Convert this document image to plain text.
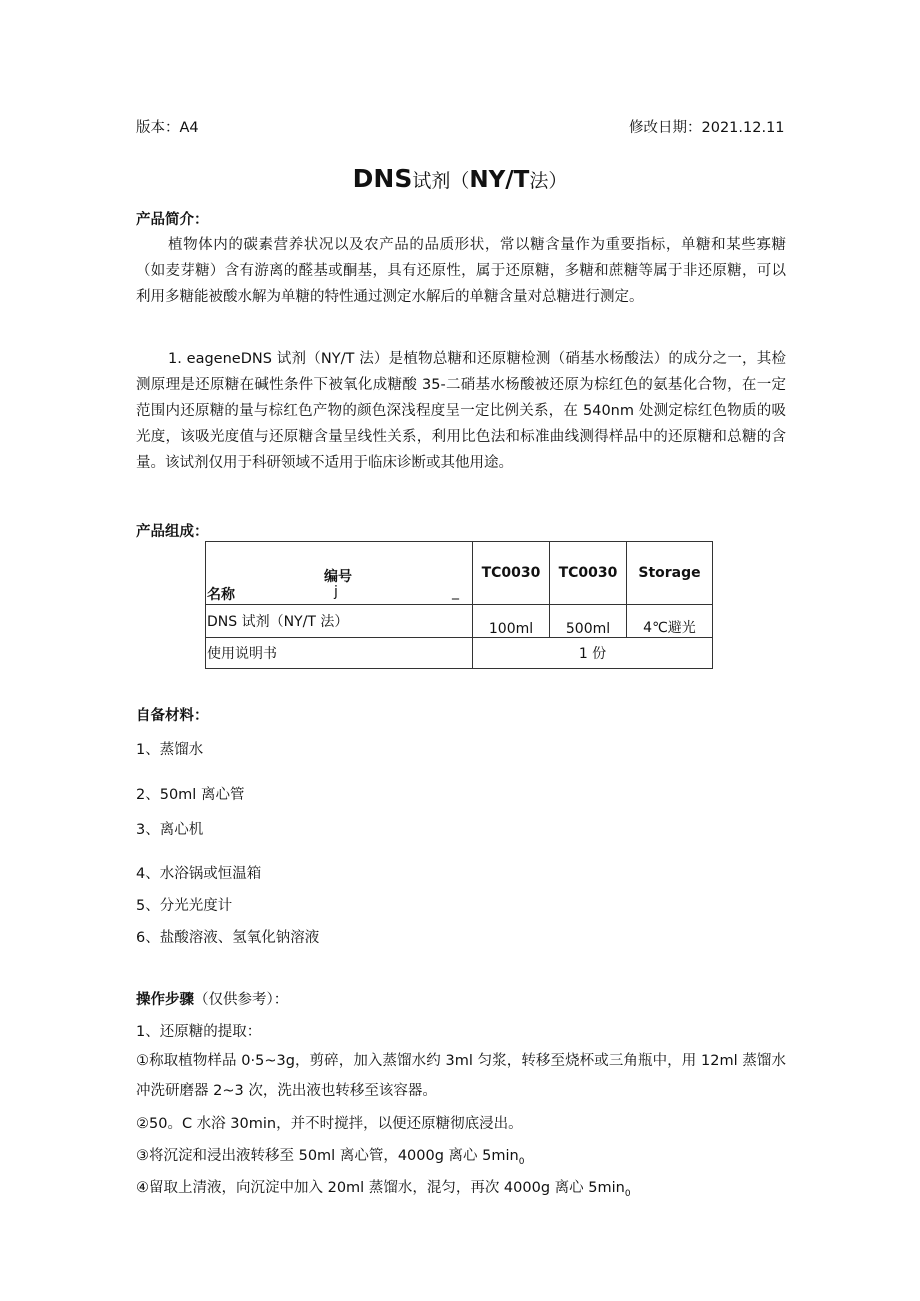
版本：A4	修改日期：2021.12.11
DNS试剂（NY/T法）
产品简介：
植物体内的碳素营养状况以及农产品的品质形状，常以糖含量作为重要指标，单糖和某些寡糖（如麦芽糖）含有游离的醛基或酮基，具有还原性，属于还原糖，多糖和蔗糖等属于非还原糖，可以利用多糖能被酸水解为单糖的特性通过测定水解后的单糖含量对总糖进行测定。
1. eageneDNS 试剂（NY/T 法）是植物总糖和还原糖检测（硝基水杨酸法）的成分之一，其检测原理是还原糖在碱性条件下被氧化成糖酸 35-二硝基水杨酸被还原为棕红色的氨基化合物，在一定范围内还原糖的量与棕红色产物的颜色深浅程度呈一定比例关系，在 540nm 处测定棕红色物质的吸光度，该吸光度值与还原糖含量呈线性关系，利用比色法和标准曲线测得样品中的还原糖和总糖的含量。该试剂仅用于科研领域不适用于临床诊断或其他用途。
产品组成：
编号
名称 j _	TC0030	TC0030	Storage
DNS 试剂（NY/T 法）	100ml	500ml	4℃避光
使用说明书	1 份		
自备材料：
1、蒸馏水
2、50ml 离心管
3、离心机
4、水浴锅或恒温箱
5、分光光度计
6、盐酸溶液、氢氧化钠溶液
操作步骤（仅供参考）：
1、还原糖的提取：
①称取植物样品 0·5~3g，剪碎，加入蒸馏水约 3ml 匀浆，转移至烧杯或三角瓶中，用 12ml 蒸馏水冲洗研磨器 2~3 次，洗出液也转移至该容器。
②50。C 水浴 30min，并不时搅拌，以便还原糖彻底浸出。
③将沉淀和浸出液转移至 50ml 离心管，4000g 离心 $5\min_0$
④留取上清液，向沉淀中加入 20ml 蒸馏水，混匀，再次 4000g 离心 $5\min_0$
